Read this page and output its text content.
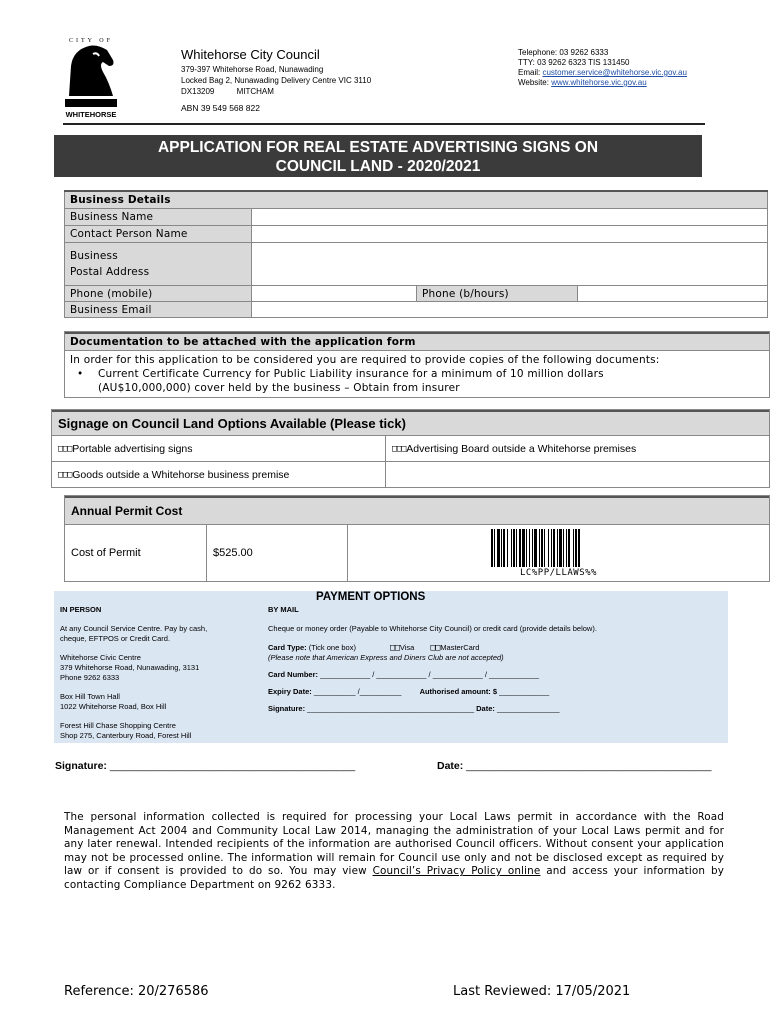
CITY OF
WHITEHORSE
Whitehorse City Council
379-397 Whitehorse Road, Nunawading
Locked Bag 2, Nunawading Delivery Centre VIC 3110
DX13209          MITCHAM
ABN 39 549 568 822
Telephone: 03 9262 6333
TTY: 03 9262 6323 TIS 131450
Email: customer.service@whitehorse.vic.gov.au
Website: www.whitehorse.vic.gov.au
APPLICATION FOR REAL ESTATE ADVERTISING SIGNS ON
COUNCIL LAND - 2020/2021
Business Details			
Business Name			
Contact Person Name			

Business
Postal Address			

Phone (mobile)		Phone (b/hours)	
Business Email			
Documentation to be attached with the application form
In order for this application to be considered you are required to provide copies of the following documents:
• Current Certificate Currency for Public Liability insurance for a minimum of 10 million dollars
(AU$10,000,000) cover held by the business – Obtain from insurer
Signage on Council Land Options Available (Please tick)
□□□ Portable advertising signs	□□□ Advertising Board outside a Whitehorse premises
□□□ Goods outside a Whitehorse business premise
Annual Permit Cost
Cost of Permit	$525.00
LC%PP/LLAWS%%
PAYMENT OPTIONS
IN PERSON
At any Council Service Centre. Pay by cash,
cheque, EFTPOS or Credit Card.
Whitehorse Civic Centre
379 Whitehorse Road, Nunawading, 3131
Phone 9262 6333
Box Hill Town Hall
1022 Whitehorse Road, Box Hill
Forest Hill Chase Shopping Centre
Shop 275, Canterbury Road, Forest Hill
BY MAIL
Cheque or money order (Payable to Whitehorse City Council) or credit card (provide details below).
Card Type: (Tick one box)	□□Visa □□MasterCard
(Please note that American Express and Diners Club are not accepted)
Card Number: ____________ / ____________ / ____________ / ____________
Expiry Date: __________ /__________ Authorised amount: $ ____________
Signature: ________________________________________ Date: _______________
Signature: __________________________________________	Date: __________________________________________
The personal information collected is required for processing your Local Laws permit in accordance with the Road Management Act 2004 and Community Local Law 2014, managing the administration of your Local Laws permit and for any later renewal. Intended recipients of the information are authorised Council officers. Without consent your application may not be processed online. The information will remain for Council use only and not be disclosed except as required by law or if consent is provided to do so. You may view Council’s Privacy Policy online and access your information by contacting Compliance Department on 9262 6333.
Reference: 20/276586	Last Reviewed: 17/05/2021
